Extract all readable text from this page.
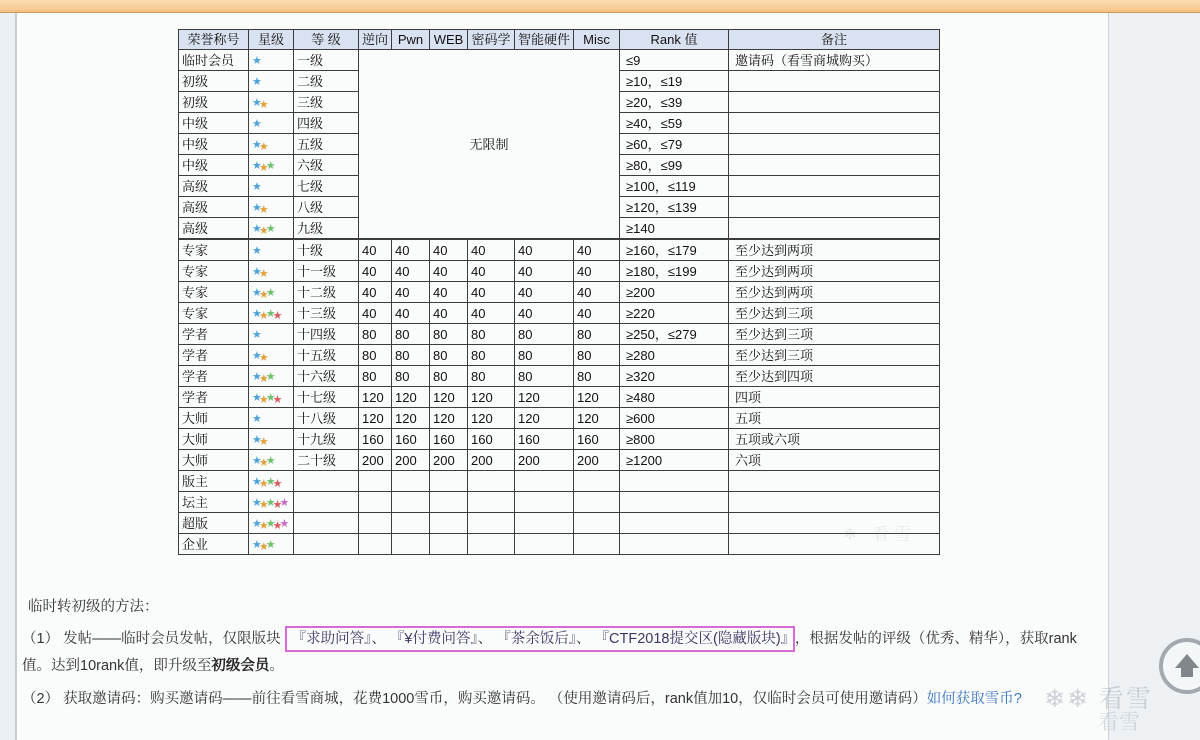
❄ 看雪
荣誉称号	星级	等 级	逆向	Pwn	WEB	密码学	智能硬件	Misc	Rank 值	备注
临时会员	★	一级	无限制						≤9	邀请码（看雪商城购买）
初级	★	二级							≥10，≤19	
初级	★★	三级							≥20，≤39	
中级	★	四级							≥40，≤59	
中级	★★	五级							≥60，≤79	
中级	★★★	六级							≥80，≤99	
高级	★	七级							≥100，≤119	
高级	★★	八级							≥120，≤139	
高级	★★★	九级							≥140	
专家	★	十级	40	40	40	40	40	40	≥160，≤179	至少达到两项
专家	★★	十一级	40	40	40	40	40	40	≥180，≤199	至少达到两项
专家	★★★	十二级	40	40	40	40	40	40	≥200	至少达到两项
专家	★★★★	十三级	40	40	40	40	40	40	≥220	至少达到三项
学者	★	十四级	80	80	80	80	80	80	≥250，≤279	至少达到三项
学者	★★	十五级	80	80	80	80	80	80	≥280	至少达到三项
学者	★★★	十六级	80	80	80	80	80	80	≥320	至少达到四项
学者	★★★★	十七级	120	120	120	120	120	120	≥480	四项
大师	★	十八级	120	120	120	120	120	120	≥600	五项
大师	★★	十九级	160	160	160	160	160	160	≥800	五项或六项
大师	★★★	二十级	200	200	200	200	200	200	≥1200	六项
版主	★★★★									
坛主	★★★★★									
超版	★★★★★									
企业	★★★									
临时转初级的方法：

（1） 发帖——临时会员发帖，仅限版块 『求助问答』、 『¥付费问答』、 『茶余饭后』、 『CTF2018提交区(隐藏版块)』 ，根据发帖的评级（优秀、精华），获取rank值。达到10rank值，即升级至初级会员。

（2） 获取邀请码：购买邀请码——前往看雪商城，花费1000雪币，购买邀请码。 （使用邀请码后，rank值加10，仅临时会员可使用邀请码）如何获取雪币? ❄❄ 看雪
看雪
